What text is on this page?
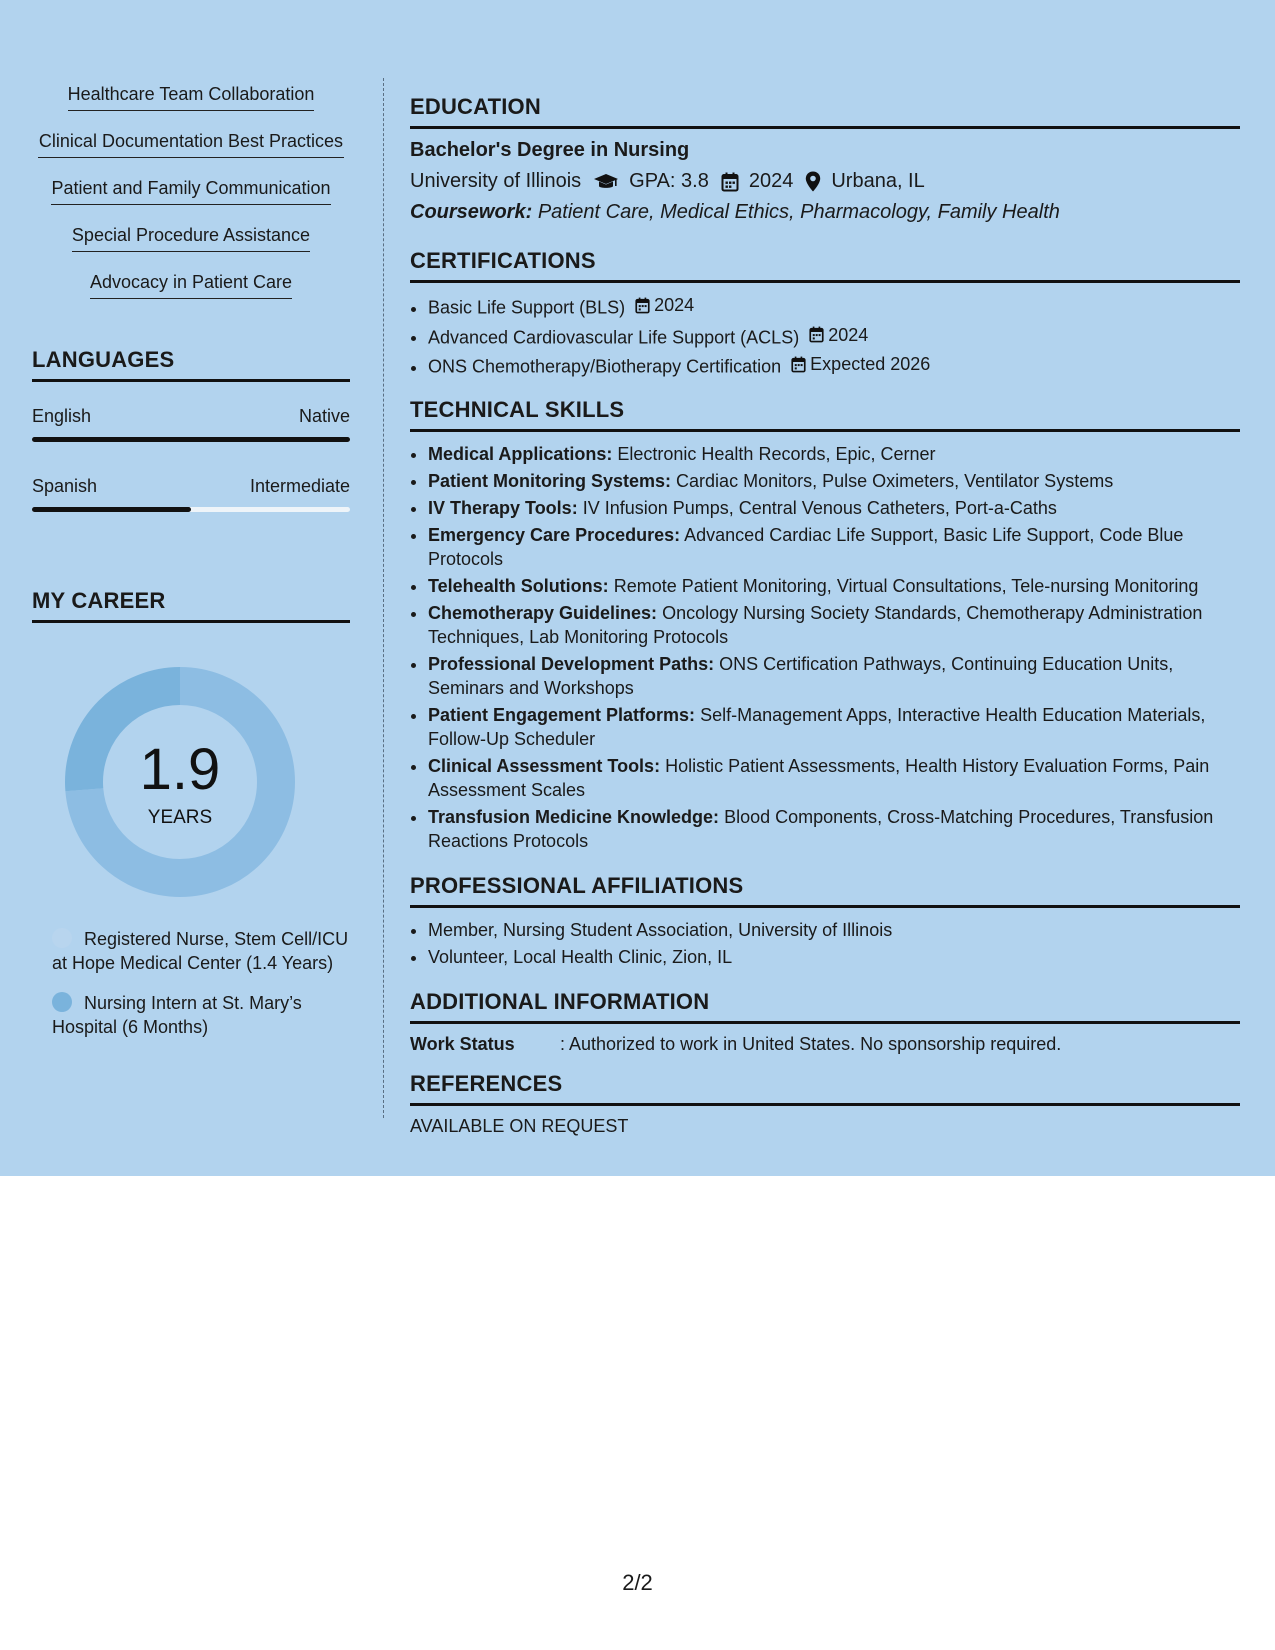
Healthcare Team Collaboration
Clinical Documentation Best Practices
Patient and Family Communication
Special Procedure Assistance
Advocacy in Patient Care
LANGUAGES
English	Native
Spanish	Intermediate
MY CAREER
1.9
YEARS
Registered Nurse, Stem Cell/ICU at Hope Medical Center (1.4 Years)
Nursing Intern at St. Mary’s Hospital (6 Months)
EDUCATION
Bachelor's Degree in Nursing
University of Illinois GPA: 3.8 2024 Urbana, IL
Coursework: Patient Care, Medical Ethics, Pharmacology, Family Health
CERTIFICATIONS
• Basic Life Support (BLS) 2024
• Advanced Cardiovascular Life Support (ACLS) 2024
• ONS Chemotherapy/Biotherapy Certification Expected 2026
TECHNICAL SKILLS
• Medical Applications: Electronic Health Records, Epic, Cerner
• Patient Monitoring Systems: Cardiac Monitors, Pulse Oximeters, Ventilator Systems
• IV Therapy Tools: IV Infusion Pumps, Central Venous Catheters, Port-a-Caths
• Emergency Care Procedures: Advanced Cardiac Life Support, Basic Life Support, Code Blue Protocols
• Telehealth Solutions: Remote Patient Monitoring, Virtual Consultations, Tele-nursing Monitoring
• Chemotherapy Guidelines: Oncology Nursing Society Standards, Chemotherapy Administration Techniques, Lab Monitoring Protocols
• Professional Development Paths: ONS Certification Pathways, Continuing Education Units, Seminars and Workshops
• Patient Engagement Platforms: Self-Management Apps, Interactive Health Education Materials, Follow-Up Scheduler
• Clinical Assessment Tools: Holistic Patient Assessments, Health History Evaluation Forms, Pain Assessment Scales
• Transfusion Medicine Knowledge: Blood Components, Cross-Matching Procedures, Transfusion Reactions Protocols
PROFESSIONAL AFFILIATIONS
• Member, Nursing Student Association, University of Illinois
• Volunteer, Local Health Clinic, Zion, IL
ADDITIONAL INFORMATION
Work Status	: Authorized to work in United States. No sponsorship required.
REFERENCES
AVAILABLE ON REQUEST
2/2
